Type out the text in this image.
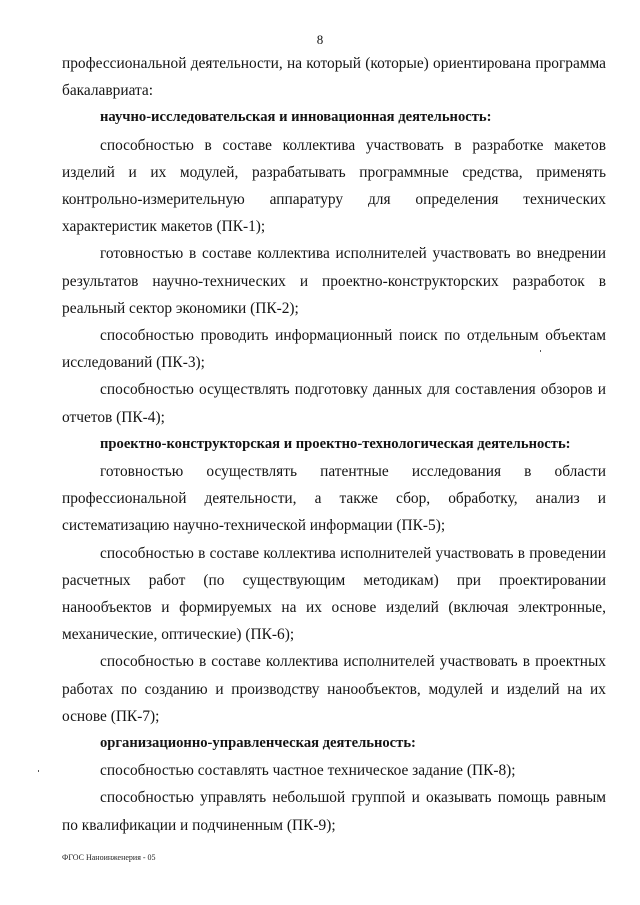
8

профессиональной деятельности, на который (которые) ориентирована программа бакалавриата:

научно-исследовательская и инновационная деятельность:

способностью в составе коллектива участвовать в разработке макетов изделий и их модулей, разрабатывать программные средства, применять контрольно-измерительную аппаратуру для определения технических характеристик макетов (ПК-1);

готовностью в составе коллектива исполнителей участвовать во внедрении результатов научно-технических и проектно-конструкторских разработок в реальный сектор экономики (ПК-2);

способностью проводить информационный поиск по отдельным объектам исследований (ПК-3);

способностью осуществлять подготовку данных для составления обзоров и отчетов (ПК-4);

проектно-конструкторская и проектно-технологическая деятельность:

готовностью осуществлять патентные исследования в области профессиональной деятельности, а также сбор, обработку, анализ и систематизацию научно-технической информации (ПК-5);

способностью в составе коллектива исполнителей участвовать в проведении расчетных работ (по существующим методикам) при проектировании нанообъектов и формируемых на их основе изделий (включая электронные, механические, оптические) (ПК-6);

способностью в составе коллектива исполнителей участвовать в проектных работах по созданию и производству нанообъектов, модулей и изделий на их основе (ПК-7);

организационно-управленческая деятельность:

способностью составлять частное техническое задание (ПК-8);

способностью управлять небольшой группой и оказывать помощь равным по квалификации и подчиненным (ПК-9);

ФГОС Наноинженерия - 05
